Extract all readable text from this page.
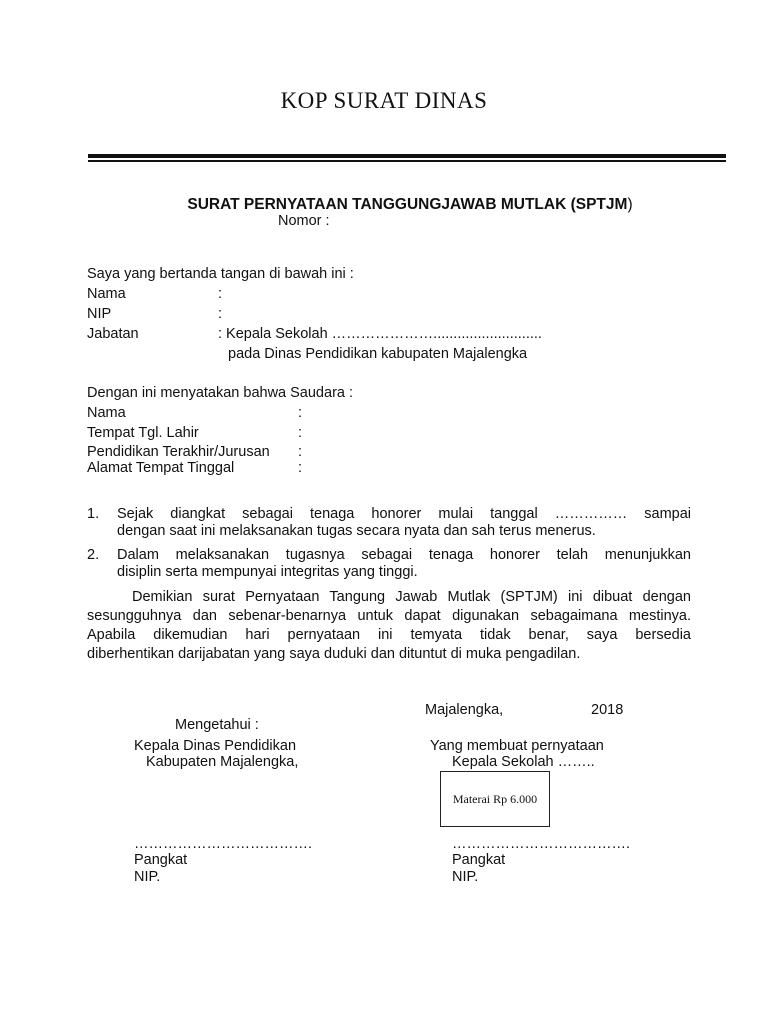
KOP SURAT DINAS
SURAT PERNYATAAN TANGGUNGJAWAB MUTLAK (SPTJM)
Nomor :
Saya yang bertanda tangan di bawah ini :
Nama	:
NIP	:
Jabatan	: Kepala Sekolah …………………...........................
pada Dinas Pendidikan kabupaten Majalengka
Dengan ini menyatakan bahwa Saudara :
Nama	:
Tempat Tgl. Lahir	:
Pendidikan Terakhir/Jurusan :
Alamat Tempat Tinggal	:
1. Sejak diangkat sebagai tenaga honorer mulai tanggal …………… sampai
dengan saat ini melaksanakan tugas secara nyata dan sah terus menerus.
2. Dalam melaksanakan tugasnya sebagai tenaga honorer telah menunjukkan
disiplin serta mempunyai integritas yang tinggi.
Demikian surat Pernyataan Tangung Jawab Mutlak (SPTJM) ini dibuat dengan
sesungguhnya dan sebenar-benarnya untuk dapat digunakan sebagaimana mestinya.
Apabila dikemudian hari pernyataan ini temyata tidak benar, saya bersedia
diberhentikan darijabatan yang saya duduki dan dituntut di muka pengadilan.
Majalengka,	2018
Mengetahui :
Kepala Dinas Pendidikan
Kabupaten Majalengka,
Yang membuat pernyataan
Kepala Sekolah ……..
Materai Rp 6.000
……………………………….
Pangkat
NIP.
……………………………….
Pangkat
NIP.
